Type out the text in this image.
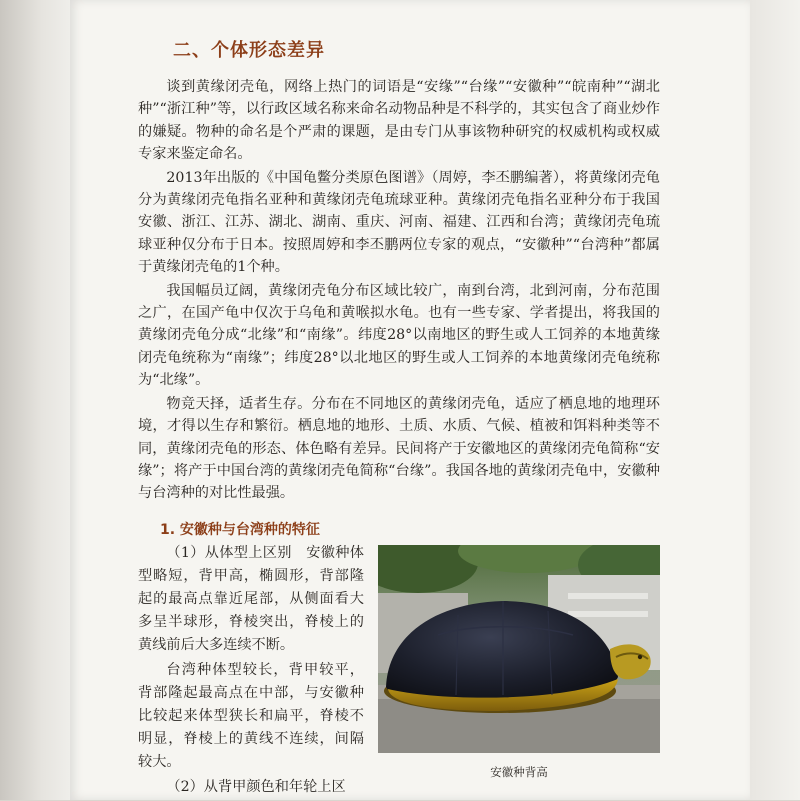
二、个体形态差异

谈到黄缘闭壳龟，网络上热门的词语是“安缘”“台缘”“安徽种”“皖南种”“湖北种”“浙江种”等，以行政区域名称来命名动物品种是不科学的，其实包含了商业炒作的嫌疑。物种的命名是个严肃的课题，是由专门从事该物种研究的权威机构或权威专家来鉴定命名。

2013年出版的《中国龟鳖分类原色图谱》（周婷，李丕鹏编著），将黄缘闭壳龟分为黄缘闭壳龟指名亚种和黄缘闭壳龟琉球亚种。黄缘闭壳龟指名亚种分布于我国安徽、浙江、江苏、湖北、湖南、重庆、河南、福建、江西和台湾；黄缘闭壳龟琉球亚种仅分布于日本。按照周婷和李丕鹏两位专家的观点，“安徽种”“台湾种”都属于黄缘闭壳龟的1个种。

我国幅员辽阔，黄缘闭壳龟分布区域比较广，南到台湾，北到河南，分布范围之广，在国产龟中仅次于乌龟和黄喉拟水龟。也有一些专家、学者提出，将我国的黄缘闭壳龟分成“北缘”和“南缘”。纬度28°以南地区的野生或人工饲养的本地黄缘闭壳龟统称为“南缘”；纬度28°以北地区的野生或人工饲养的本地黄缘闭壳龟统称为“北缘”。

物竞天择，适者生存。分布在不同地区的黄缘闭壳龟，适应了栖息地的地理环境，才得以生存和繁衍。栖息地的地形、土质、水质、气候、植被和饵料种类等不同，黄缘闭壳龟的形态、体色略有差异。民间将产于安徽地区的黄缘闭壳龟简称“安缘”；将产于中国台湾的黄缘闭壳龟简称“台缘”。我国各地的黄缘闭壳龟中，安徽种与台湾种的对比性最强。

1. 安徽种与台湾种的特征

（1）从体型上区别　安徽种体型略短，背甲高，椭圆形，背部隆起的最高点靠近尾部，从侧面看大多呈半球形，脊棱突出，脊棱上的黄线前后大多连续不断。

台湾种体型较长，背甲较平，背部隆起最高点在中部，与安徽种比较起来体型狭长和扁平，脊棱不明显，脊棱上的黄线不连续，间隔较大。

（2）从背甲颜色和年轮上区

安徽种背高
